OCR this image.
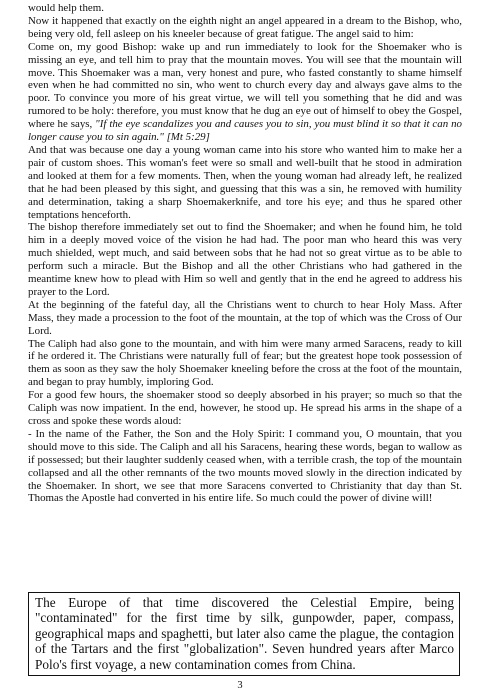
would help them.

Now it happened that exactly on the eighth night an angel appeared in a dream to the Bishop, who, being very old, fell asleep on his kneeler because of great fatigue. The angel said to him:

Come on, my good Bishop: wake up and run immediately to look for the Shoemaker who is missing an eye, and tell him to pray that the mountain moves. You will see that the mountain will move. This Shoemaker was a man, very honest and pure, who fasted constantly to shame himself even when he had committed no sin, who went to church every day and always gave alms to the poor. To convince you more of his great virtue, we will tell you something that he did and was rumored to be holy: therefore, you must know that he dug an eye out of himself to obey the Gospel, where he says, "If the eye scandalizes you and causes you to sin, you must blind it so that it can no longer cause you to sin again." [Mt 5:29]

And that was because one day a young woman came into his store who wanted him to make her a pair of custom shoes. This woman's feet were so small and well-built that he stood in admiration and looked at them for a few moments. Then, when the young woman had already left, he realized that he had been pleased by this sight, and guessing that this was a sin, he removed with humility and determination, taking a sharp Shoemakerknife, and tore his eye; and thus he spared other temptations henceforth.

The bishop therefore immediately set out to find the Shoemaker; and when he found him, he told him in a deeply moved voice of the vision he had had. The poor man who heard this was very much shielded, wept much, and said between sobs that he had not so great virtue as to be able to perform such a miracle. But the Bishop and all the other Christians who had gathered in the meantime knew how to plead with Him so well and gently that in the end he agreed to address his prayer to the Lord.

At the beginning of the fateful day, all the Christians went to church to hear Holy Mass. After Mass, they made a procession to the foot of the mountain, at the top of which was the Cross of Our Lord.

The Caliph had also gone to the mountain, and with him were many armed Saracens, ready to kill if he ordered it. The Christians were naturally full of fear; but the greatest hope took possession of them as soon as they saw the holy Shoemaker kneeling before the cross at the foot of the mountain, and began to pray humbly, imploring God.

For a good few hours, the shoemaker stood so deeply absorbed in his prayer; so much so that the Caliph was now impatient. In the end, however, he stood up. He spread his arms in the shape of a cross and spoke these words aloud:

- In the name of the Father, the Son and the Holy Spirit: I command you, O mountain, that you should move to this side. The Caliph and all his Saracens, hearing these words, began to wallow as if possessed; but their laughter suddenly ceased when, with a terrible crash, the top of the mountain collapsed and all the other remnants of the two mounts moved slowly in the direction indicated by the Shoemaker. In short, we see that more Saracens converted to Christianity that day than St. Thomas the Apostle had converted in his entire life. So much could the power of divine will!

The Europe of that time discovered the Celestial Empire, being "contaminated" for the first time by silk, gunpowder, paper, compass, geographical maps and spaghetti, but later also came the plague, the contagion of the Tartars and the first "globalization". Seven hundred years after Marco Polo's first voyage, a new contamination comes from China.
3
